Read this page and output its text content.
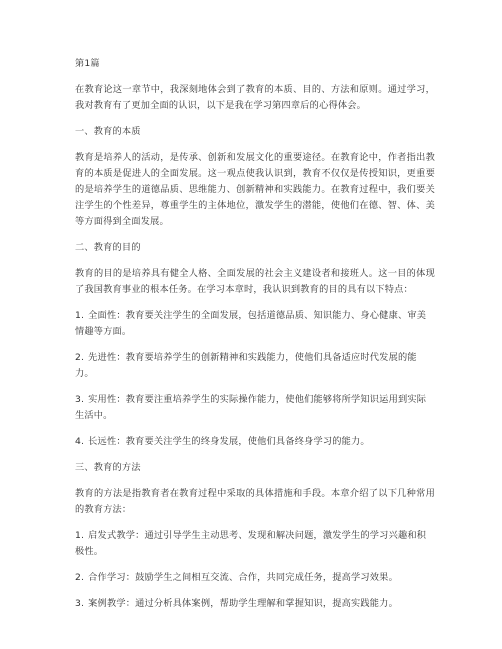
第1篇

在教育论这一章节中，我深刻地体会到了教育的本质、目的、方法和原则。通过学习，我对教育有了更加全面的认识，以下是我在学习第四章后的心得体会。

一、教育的本质

教育是培养人的活动，是传承、创新和发展文化的重要途径。在教育论中，作者指出教育的本质是促进人的全面发展。这一观点使我认识到，教育不仅仅是传授知识，更重要的是培养学生的道德品质、思维能力、创新精神和实践能力。在教育过程中，我们要关注学生的个性差异，尊重学生的主体地位，激发学生的潜能，使他们在德、智、体、美等方面得到全面发展。

二、教育的目的

教育的目的是培养具有健全人格、全面发展的社会主义建设者和接班人。这一目的体现了我国教育事业的根本任务。在学习本章时，我认识到教育的目的具有以下特点：

1. 全面性：教育要关注学生的全面发展，包括道德品质、知识能力、身心健康、审美情趣等方面。
2. 先进性：教育要培养学生的创新精神和实践能力，使他们具备适应时代发展的能力。
3. 实用性：教育要注重培养学生的实际操作能力，使他们能够将所学知识运用到实际生活中。
4. 长远性：教育要关注学生的终身发展，使他们具备终身学习的能力。

三、教育的方法

教育的方法是指教育者在教育过程中采取的具体措施和手段。本章介绍了以下几种常用的教育方法：

1. 启发式教学：通过引导学生主动思考、发现和解决问题，激发学生的学习兴趣和积极性。
2. 合作学习：鼓励学生之间相互交流、合作，共同完成任务，提高学习效果。
3. 案例教学：通过分析具体案例，帮助学生理解和掌握知识，提高实践能力。
